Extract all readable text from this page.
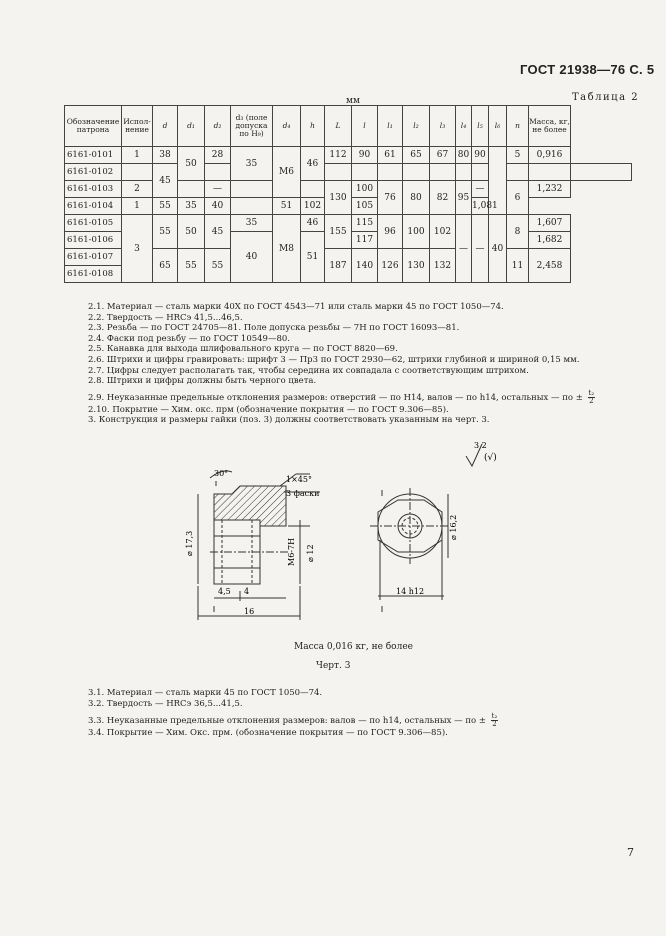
ГОСТ 21938—76 С. 5
мм	Таблица 2
Обозначение патрона	Исполнение	d	d₁	d₂	d₃ (поле допуска по H₉)	d₄	h	L	l	l₁	l₂	l₃	l₄	l₅	l₆	n	Масса, кг, не более	
6161-0101	1	38	50	28	35	M6	46	112	90	61	65	67	80	90		5	0,916	
6161-0102		45																
6161-0103	2			—				130	100	76	80	82	95	—		6	1,232	
6161-0104	1	55	35	40		51	102		105					1,081				
6161-0105	3	55	50	45	35	M8	46	155	115	96	100	102	—	—	40	8	1,607	
6161-0106					40		51		117								1,682	
6161-0107		65	55	55				187	140	126	130	132				11	2,458	
6161-0108																		
2.1. Материал — сталь марки 40Х по ГОСТ 4543—71 или сталь марки 45 по ГОСТ 1050—74.
2.2. Твердость — HRCэ 41,5...46,5.
2.3. Резьба — по ГОСТ 24705—81. Поле допуска резьбы — 7Н по ГОСТ 16093—81.
2.4. Фаски под резьбу — по ГОСТ 10549—80.
2.5. Канавка для выхода шлифовального круга — по ГОСТ 8820—69.
2.6. Штрихи и цифры гравировать: шрифт 3 — Пр3 по ГОСТ 2930—62, штрихи глубиной и шириной 0,15 мм.
2.7. Цифры следует располагать так, чтобы середина их совпадала с соответствующим штрихом.
2.8. Штрихи и цифры должны быть черного цвета.
2.9. Неуказанные предельные отклонения размеров: отверстий — по H14, валов — по h14, остальных — по ± $\frac{\text{t₂}}{2}$
2.10. Покрытие — Хим. окс. прм (обозначение покрытия — по ГОСТ 9.306—85).
3. Конструкция и размеры гайки (поз. 3) должны соответствовать указанным на черт. 3.
3,2
(√)
30°
1×45°
3 фаски
⌀ 17,3	М6-7Н ⌀ 12
4,5 4
16
⌀ 16,2
14 h12
Масса 0,016 кг, не более
Черт. 3
3.1. Материал — сталь марки 45 по ГОСТ 1050—74.
3.2. Твердость — HRCэ 36,5...41,5.
3.3. Неуказанные предельные отклонения размеров: валов — по h14, остальных — по ± $\frac{\text{t₂}}{2}$
3.4. Покрытие — Хим. Окс. прм. (обозначение покрытия — по ГОСТ 9.306—85).
7
